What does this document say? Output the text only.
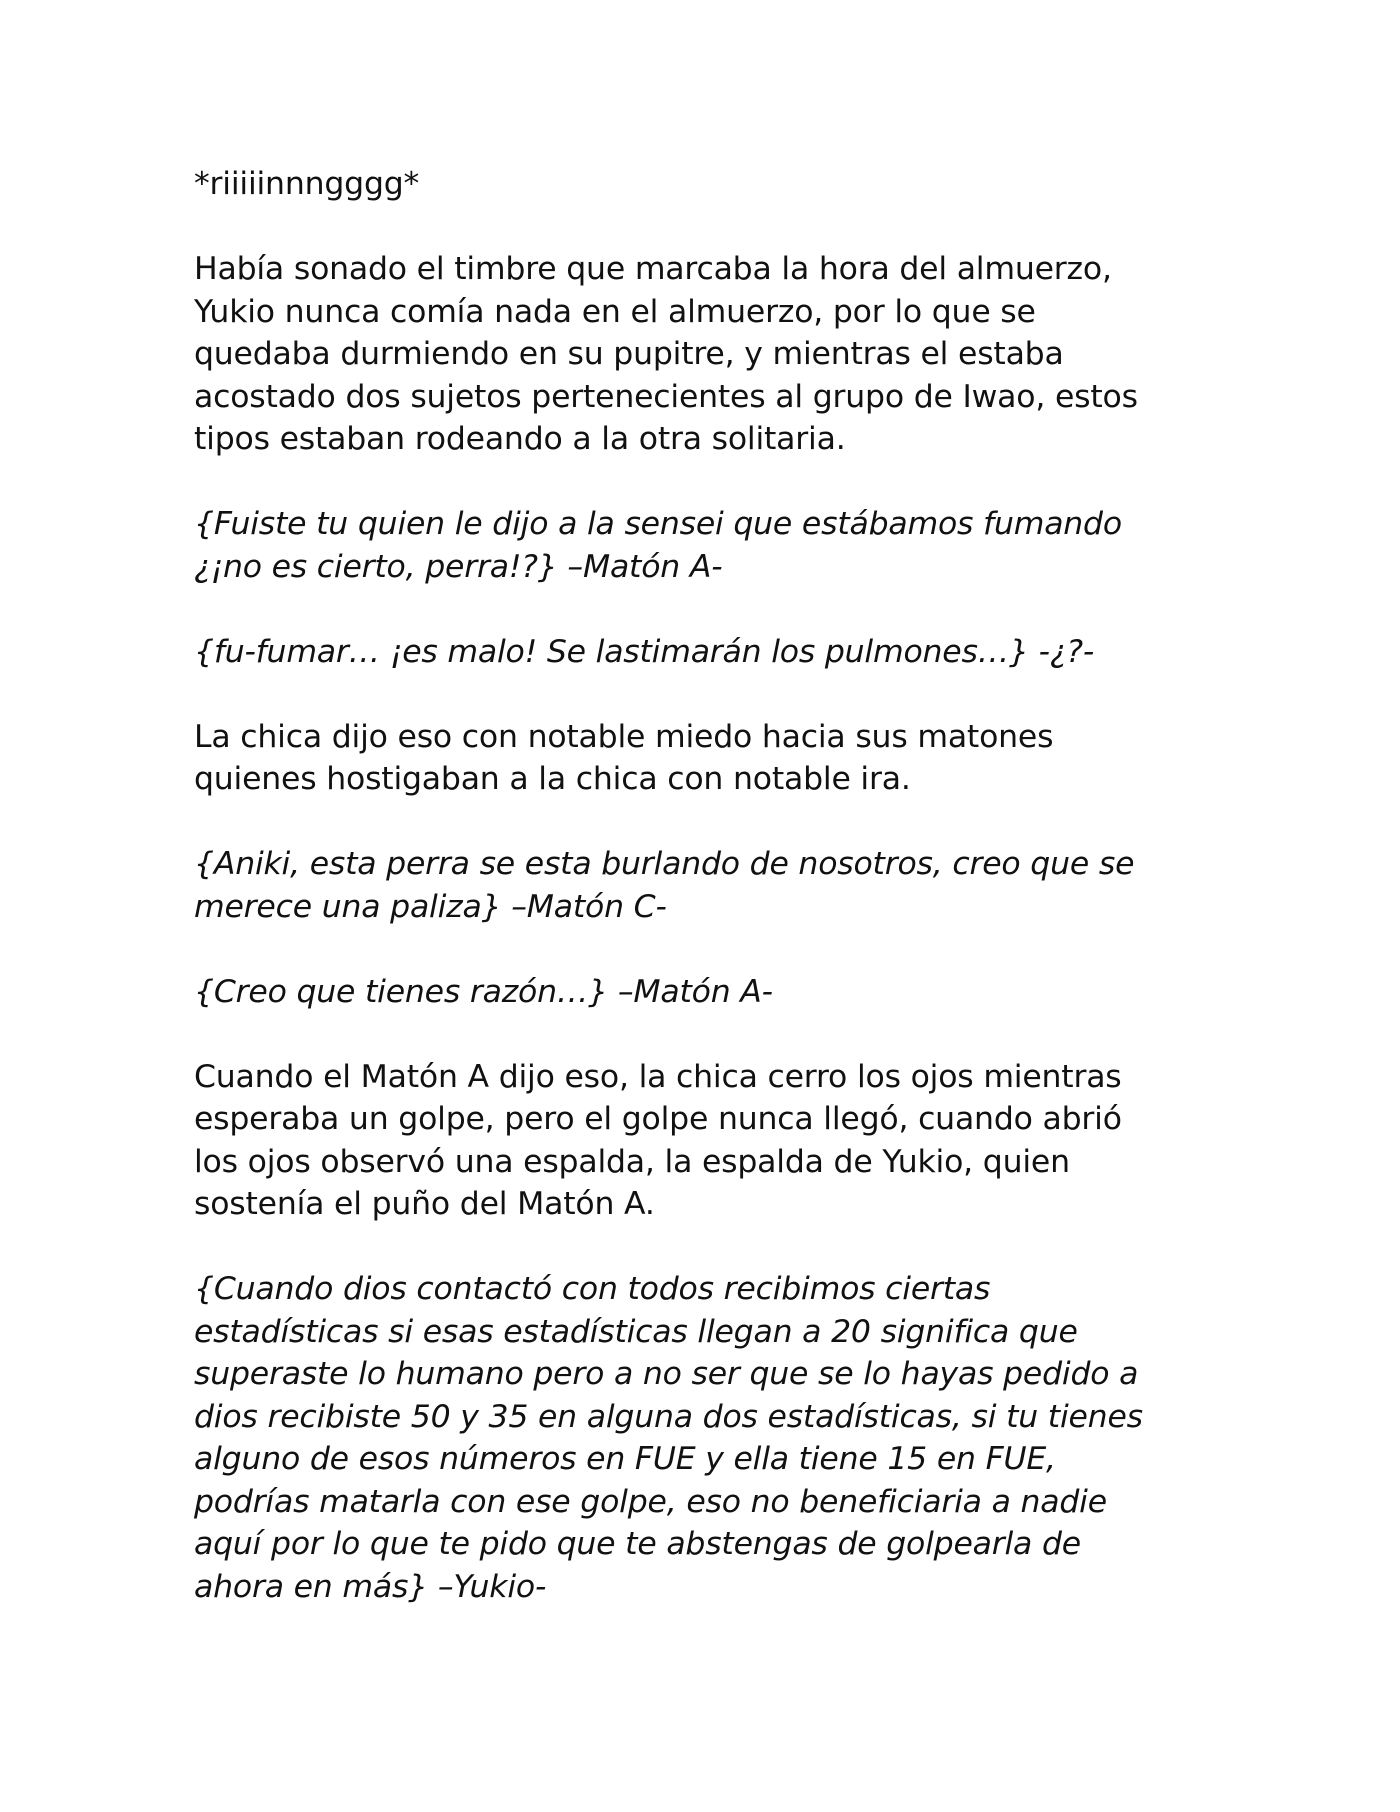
*riiiiinnngggg*

Había sonado el timbre que marcaba la hora del almuerzo,
Yukio nunca comía nada en el almuerzo, por lo que se
quedaba durmiendo en su pupitre, y mientras el estaba
acostado dos sujetos pertenecientes al grupo de Iwao, estos
tipos estaban rodeando a la otra solitaria.

{Fuiste tu quien le dijo a la sensei que estábamos fumando
¿¡no es cierto, perra!?} –Matón A-

{fu-fumar… ¡es malo! Se lastimarán los pulmones…} -¿?-

La chica dijo eso con notable miedo hacia sus matones
quienes hostigaban a la chica con notable ira.

{Aniki, esta perra se esta burlando de nosotros, creo que se
merece una paliza} –Matón C-

{Creo que tienes razón…} –Matón A-

Cuando el Matón A dijo eso, la chica cerro los ojos mientras
esperaba un golpe, pero el golpe nunca llegó, cuando abrió
los ojos observó una espalda, la espalda de Yukio, quien
sostenía el puño del Matón A.

{Cuando dios contactó con todos recibimos ciertas
estadísticas si esas estadísticas llegan a 20 significa que
superaste lo humano pero a no ser que se lo hayas pedido a
dios recibiste 50 y 35 en alguna dos estadísticas, si tu tienes
alguno de esos números en FUE y ella tiene 15 en FUE,
podrías matarla con ese golpe, eso no beneficiaria a nadie
aquí por lo que te pido que te abstengas de golpearla de
ahora en más} –Yukio-
